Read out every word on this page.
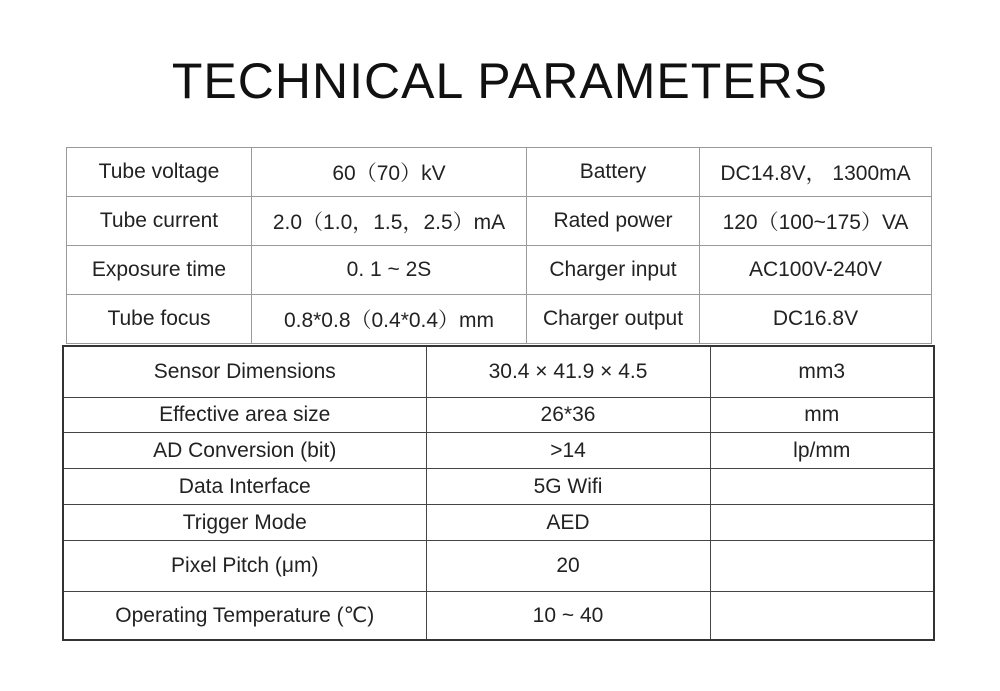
TECHNICAL PARAMETERS
Tube voltage	60（70）kV	Battery	DC14.8V， 1300mA
Tube current	2.0（1.0，1.5，2.5）mA	Rated power	120（100~175）VA
Exposure time	0. 1 ~ 2S	Charger input	AC100V-240V
Tube focus	0.8*0.8（0.4*0.4）mm	Charger output	DC16.8V
Sensor Dimensions	30.4 × 41.9 × 4.5	mm3
Effective area size	26*36	mm
AD Conversion (bit)	>14	lp/mm
Data Interface	5G Wifi	
Trigger Mode	AED	
Pixel Pitch (μm)	20	
Operating Temperature (℃)	10 ~ 40	
